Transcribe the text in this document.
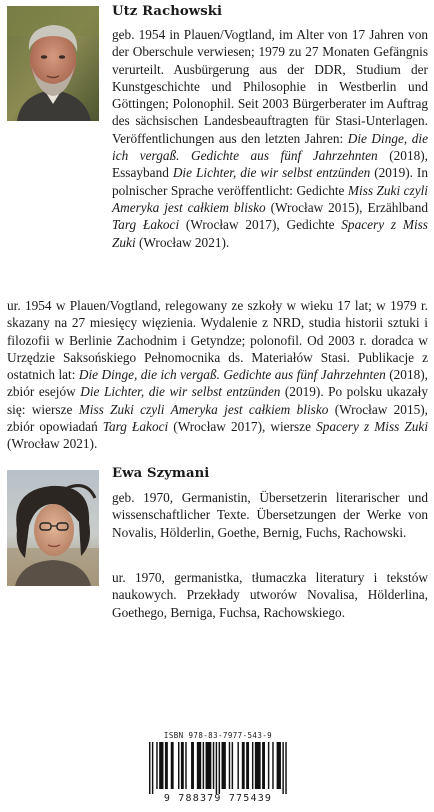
Utz Rachowski

geb. 1954 in Plauen/Vogtland, im Alter von 17 Jahren von der Oberschule verwiesen; 1979 zu 27 Monaten Gefängnis verurteilt. Ausbürgerung aus der DDR, Studium der Kunstgeschichte und Philosophie in Westberlin und Göttingen; Polonophil. Seit 2003 Bürgerberater im Auftrag des sächsischen Landesbeauftragten für Stasi-Unterlagen. Veröffentlichungen aus den letzten Jahren: Die Dinge, die ich vergaß. Gedichte aus fünf Jahrzehnten (2018), Essayband Die Lichter, die wir selbst entzünden (2019). In polnischer Sprache veröffentlicht: Gedichte Miss Zuki czyli Ameryka jest całkiem blisko (Wrocław 2015), Erzählband Targ Łakoci (Wrocław 2017), Gedichte Spacery z Miss Zuki (Wrocław 2021).

ur. 1954 w Plauen/Vogtland, relegowany ze szkoły w wieku 17 lat; w 1979 r. skazany na 27 miesięcy więzienia. Wydalenie z NRD, studia historii sztuki i filozofii w Berlinie Zachodnim i Getyndze; polonofil. Od 2003 r. doradca w Urzędzie Saksońskiego Pełnomocnika ds. Materiałów Stasi. Publikacje z ostatnich lat: Die Dinge, die ich vergaß. Gedichte aus fünf Jahrzehnten (2018), zbiór esejów Die Lichter, die wir selbst entzünden (2019). Po polsku ukazały się: wiersze Miss Zuki czyli Ameryka jest całkiem blisko (Wrocław 2015), zbiór opowiadań Targ Łakoci (Wrocław 2017), wiersze Spacery z Miss Zuki (Wrocław 2021).

Ewa Szymani

geb. 1970, Germanistin, Übersetzerin literarischer und wissenschaftlicher Texte. Übersetzungen der Werke von Novalis, Hölderlin, Goethe, Bernig, Fuchs, Rachowski.

ur. 1970, germanistka, tłumaczka literatury i tekstów naukowych. Przekłady utworów Novalisa, Hölderlina, Goethego, Berniga, Fuchsa, Rachowskiego.

ISBN 978-83-7977-543-9
9 788379 775439
